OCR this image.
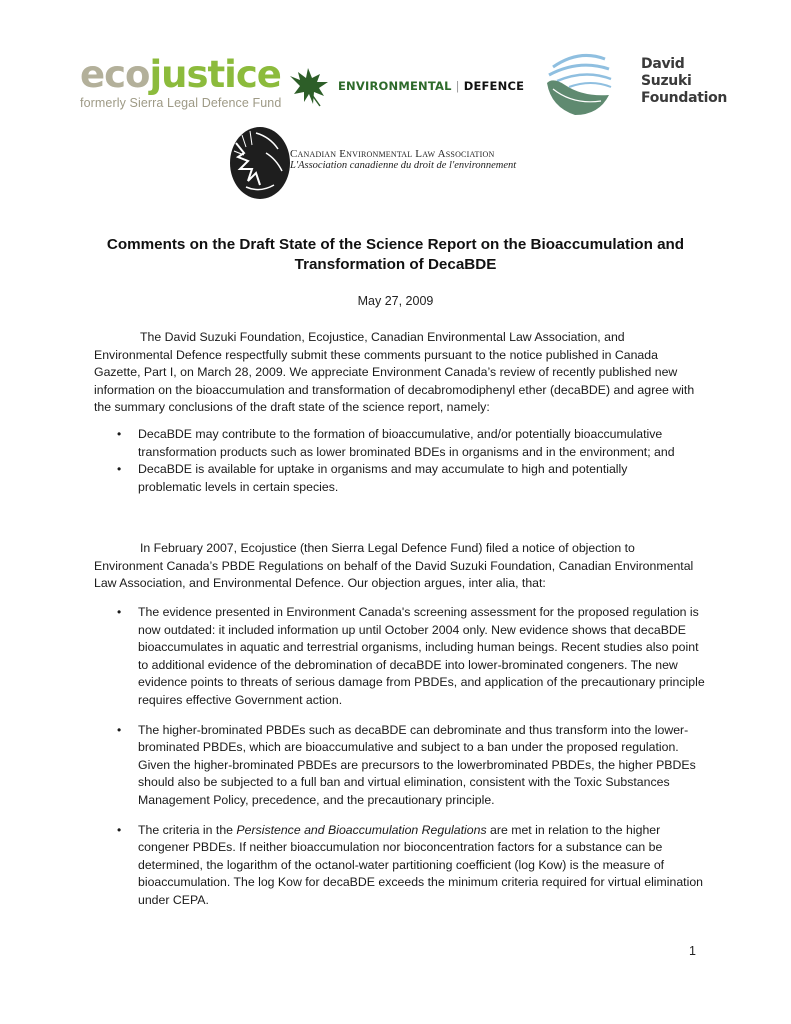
ecojustice
formerly Sierra Legal Defence Fund
ENVIRONMENTAL | DEFENCE
David
Suzuki
Foundation
Canadian Environmental Law Association
L'Association canadienne du droit de l'environnement
Comments on the Draft State of the Science Report on the Bioaccumulation and Transformation of DecaBDE
May 27, 2009
The David Suzuki Foundation, Ecojustice, Canadian Environmental Law Association, and Environmental Defence respectfully submit these comments pursuant to the notice published in Canada Gazette, Part I, on March 28, 2009. We appreciate Environment Canada’s review of recently published new information on the bioaccumulation and transformation of decabromodiphenyl ether (decaBDE) and agree with the summary conclusions of the draft state of the science report, namely:
• DecaBDE may contribute to the formation of bioaccumulative, and/or potentially bioaccumulative transformation products such as lower brominated BDEs in organisms and in the environment; and
• DecaBDE is available for uptake in organisms and may accumulate to high and potentially problematic levels in certain species.
In February 2007, Ecojustice (then Sierra Legal Defence Fund) filed a notice of objection to Environment Canada’s PBDE Regulations on behalf of the David Suzuki Foundation, Canadian Environmental Law Association, and Environmental Defence. Our objection argues, inter alia, that:
• The evidence presented in Environment Canada's screening assessment for the proposed regulation is now outdated: it included information up until October 2004 only. New evidence shows that decaBDE bioaccumulates in aquatic and terrestrial organisms, including human beings. Recent studies also point to additional evidence of the debromination of decaBDE into lower-brominated congeners. The new evidence points to threats of serious damage from PBDEs, and application of the precautionary principle requires effective Government action.
• The higher-brominated PBDEs such as decaBDE can debrominate and thus transform into the lower-brominated PBDEs, which are bioaccumulative and subject to a ban under the proposed regulation. Given the higher-brominated PBDEs are precursors to the lowerbrominated PBDEs, the higher PBDEs should also be subjected to a full ban and virtual elimination, consistent with the Toxic Substances Management Policy, precedence, and the precautionary principle.
• The criteria in the Persistence and Bioaccumulation Regulations are met in relation to the higher congener PBDEs. If neither bioaccumulation nor bioconcentration factors for a substance can be determined, the logarithm of the octanol-water partitioning coefficient (log Kow) is the measure of bioaccumulation. The log Kow for decaBDE exceeds the minimum criteria required for virtual elimination under CEPA.
1
